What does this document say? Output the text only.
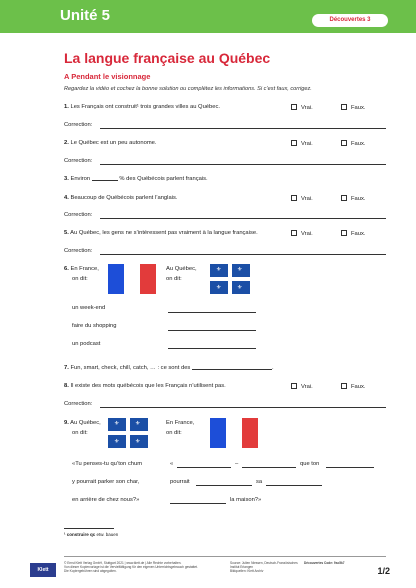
Unité 5	Découvertes 3
La langue française au Québec
A Pendant le visionnage
Regardez la vidéo et cochez la bonne solution ou complétez les informations. Si c’est faux, corrigez.
1. Les Français ont construit¹ trois grandes villes au Québec.	Vrai.	Faux.
Correction:
2. Le Québec est un peu autonome.	Vrai.	Faux.
Correction:
3. Environ	% des Québécois parlent français.
4. Beaucoup de Québécois parlent l’anglais.	Vrai.	Faux.
Correction:
5. Au Québec, les gens ne s’intéressent pas vraiment à la langue française.	Vrai.	Faux.
Correction:
6. En France,
on dit:
Au Québec,
on dit:
⚜	⚜
⚜	⚜
un week-end
faire du shopping
un podcast
7. Fun, smart, check, chill, catch, … : ce sont des	.
8. Il existe des mots québécois que les Français n’utilisent pas.	Vrai.	Faux.
Correction:
9. Au Québec,
on dit:
⚜	⚜
⚜	⚜
En France,
on dit:
«Tu penses-tu qu’ton chum	«	–	que ton
y pourrait parker son char,	pourrait	sa
en arrière de chez nous?»	la maison?»
¹ construire qc etw. bauen
Klett
© Ernst Klett Verlag GmbH, Stuttgart 2021 | www.klett.de | Alle Rechte vorbehalten.
Von dieser Kopiervorlage ist die Vervielfältigung für den eigenen Unterrichtsgebrauch gestattet.
Die Kopiergebühren sind abgegolten.
Source: Julien Niessen, Deutsch-Französisches
Institut Erlangen
Bildquellen: Klett Archiv
Découvertes Code: 9sc5k7
1/2
